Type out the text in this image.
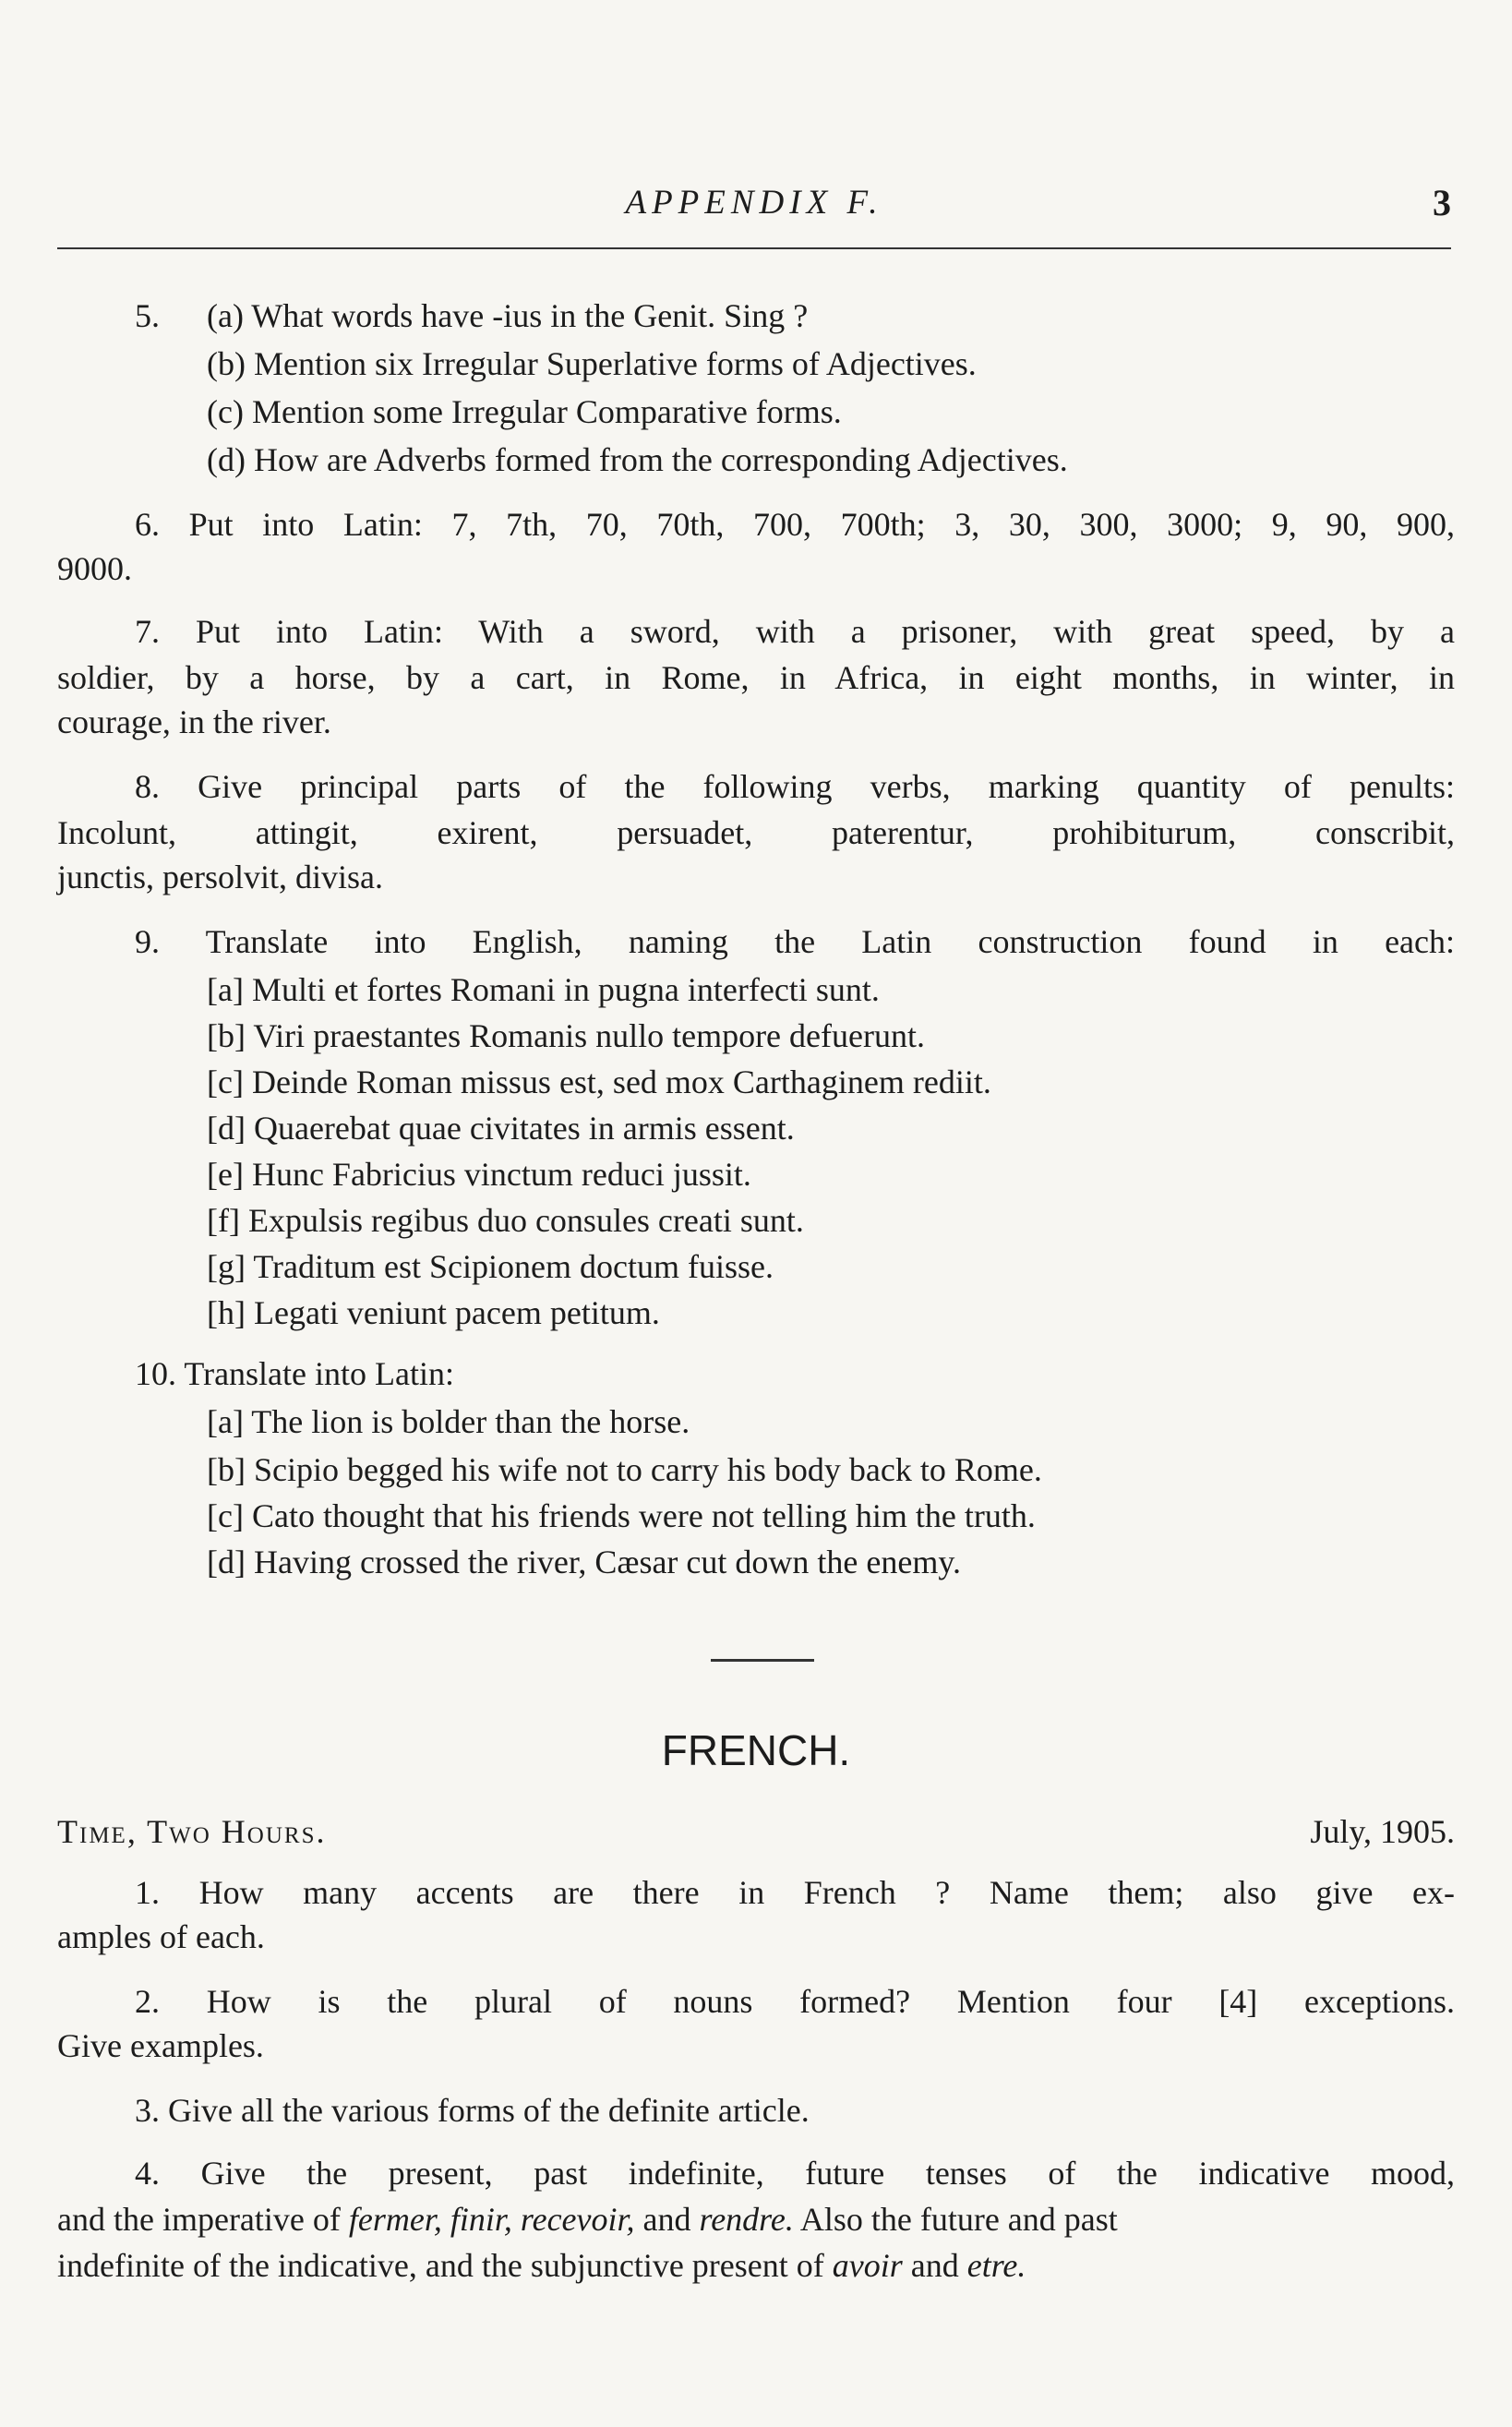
APPENDIX F.	3
5. (a) What words have -ius in the Genit. Sing ?
(b) Mention six Irregular Superlative forms of Adjectives.
(c) Mention some Irregular Comparative forms.
(d) How are Adverbs formed from the corresponding Adjectives.
6. Put into Latin: 7, 7th, 70, 70th, 700, 700th; 3, 30, 300, 3000; 9, 90, 900,
9000.
7. Put into Latin: With a sword, with a prisoner, with great speed, by a
soldier, by a horse, by a cart, in Rome, in Africa, in eight months, in winter, in
courage, in the river.
8. Give principal parts of the following verbs, marking quantity of penults:
Incolunt, attingit, exirent, persuadet, paterentur, prohibiturum, conscribit,
junctis, persolvit, divisa.
9. Translate into English, naming the Latin construction found in each:
[a] Multi et fortes Romani in pugna interfecti sunt.
[b] Viri praestantes Romanis nullo tempore defuerunt.
[c] Deinde Roman missus est, sed mox Carthaginem rediit.
[d] Quaerebat quae civitates in armis essent.
[e] Hunc Fabricius vinctum reduci jussit.
[f] Expulsis regibus duo consules creati sunt.
[g] Traditum est Scipionem doctum fuisse.
[h] Legati veniunt pacem petitum.
10. Translate into Latin:
[a] The lion is bolder than the horse.
[b] Scipio begged his wife not to carry his body back to Rome.
[c] Cato thought that his friends were not telling him the truth.
[d] Having crossed the river, Cæsar cut down the enemy.
FRENCH.
Time, Two Hours.	July, 1905.
1. How many accents are there in French ? Name them; also give ex-
amples of each.
2. How is the plural of nouns formed? Mention four [4] exceptions.
Give examples.
3. Give all the various forms of the definite article.
4. Give the present, past indefinite, future tenses of the indicative mood,
and the imperative of fermer, finir, recevoir, and rendre. Also the future and past
indefinite of the indicative, and the subjunctive present of avoir and etre.
